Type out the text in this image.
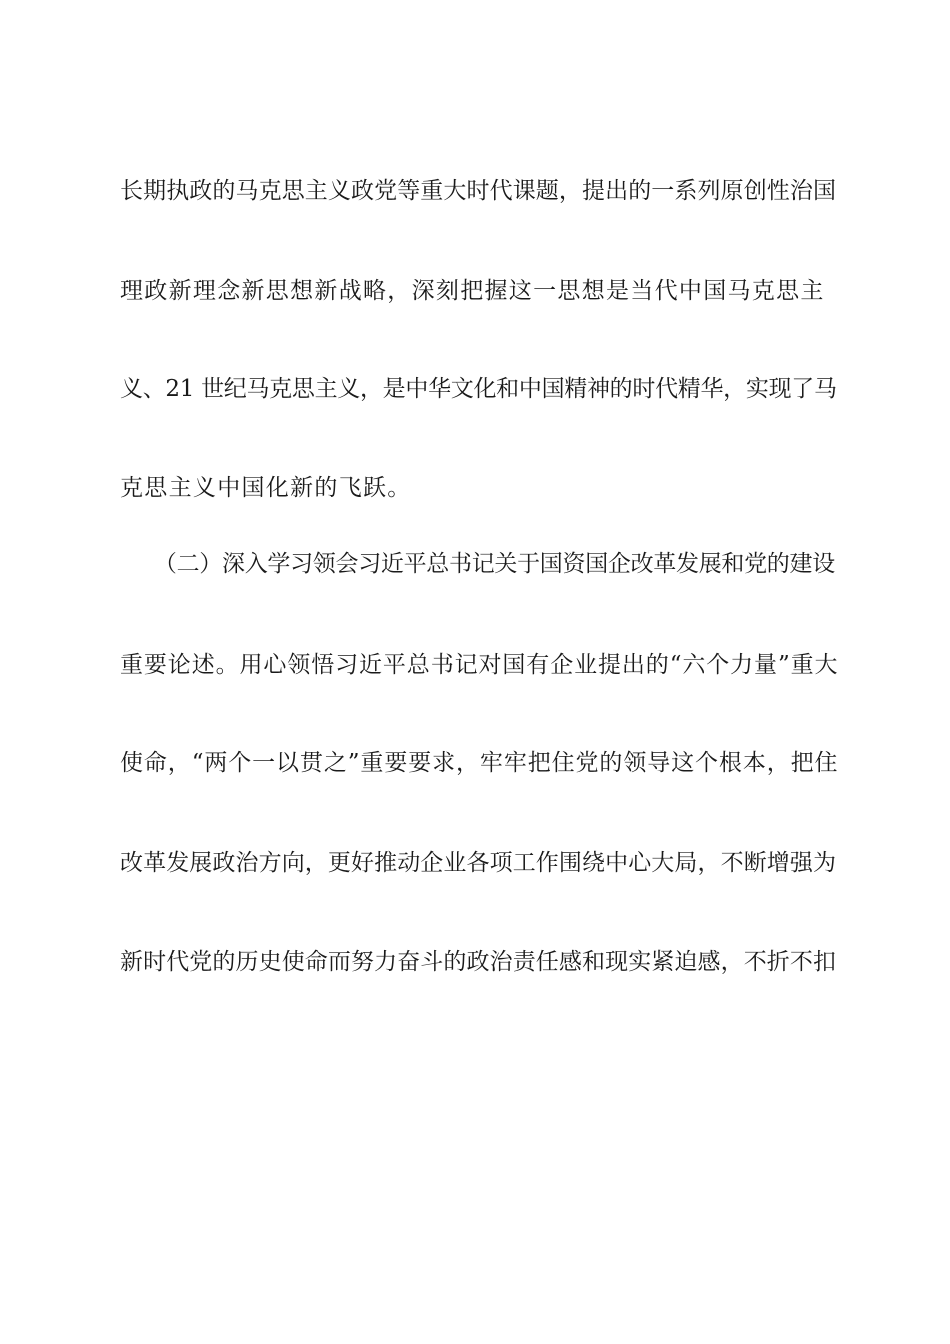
长期执政的马克思主义政党等重大时代课题，提出的一系列原创性治国
理政新理念新思想新战略，深刻把握这一思想是当代中国马克思主
义、21 世纪马克思主义，是中华文化和中国精神的时代精华，实现了马
克思主义中国化新的飞跃。
　　（二）深入学习领会习近平总书记关于国资国企改革发展和党的建设
重要论述。用心领悟习近平总书记对国有企业提出的“六个力量”重大
使命，“两个一以贯之”重要要求，牢牢把住党的领导这个根本，把住
改革发展政治方向，更好推动企业各项工作围绕中心大局，不断增强为
新时代党的历史使命而努力奋斗的政治责任感和现实紧迫感，不折不扣
